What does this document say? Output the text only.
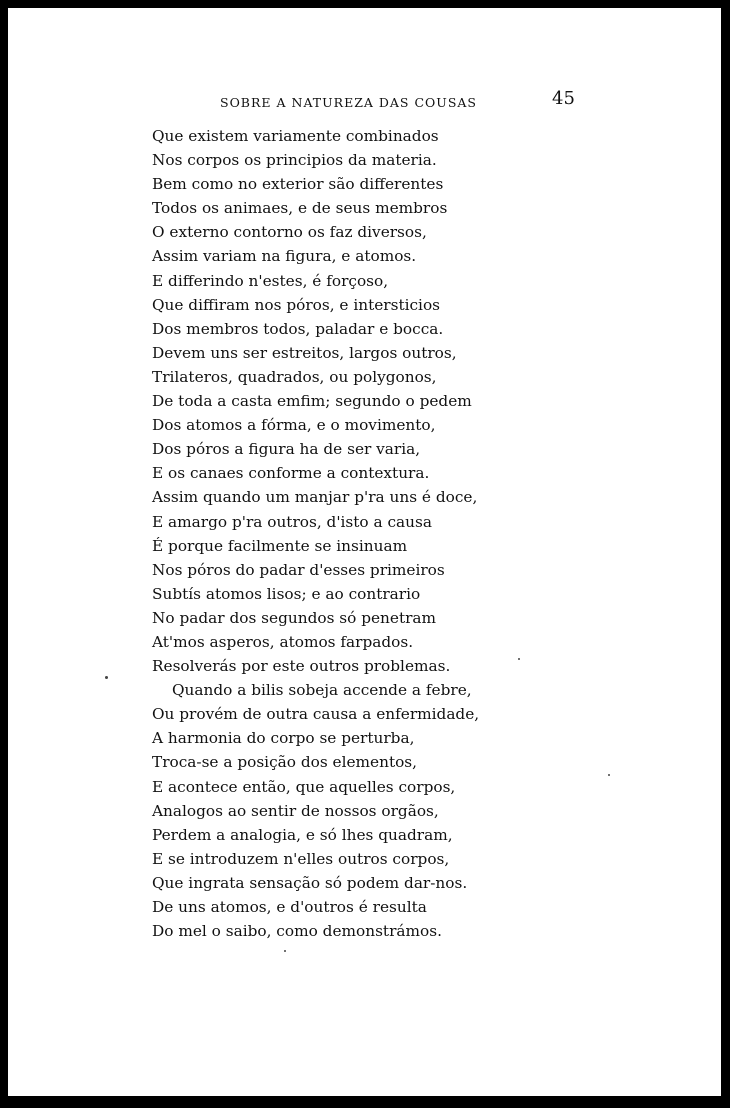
SOBRE A NATUREZA DAS COUSAS	45
Que existem variamente combinados
Nos corpos os principios da materia.
Bem como no exterior são differentes
Todos os animaes, e de seus membros
O externo contorno os faz diversos,
Assim variam na figura, e atomos.
E differindo n'estes, é forçoso,
Que diffiram nos póros, e intersticios
Dos membros todos, paladar e bocca.
Devem uns ser estreitos, largos outros,
Trilateros, quadrados, ou polygonos,
De toda a casta emfim; segundo o pedem
Dos atomos a fórma, e o movimento,
Dos póros a figura ha de ser varia,
E os canaes conforme a contextura.
Assim quando um manjar p'ra uns é doce,
E amargo p'ra outros, d'isto a causa
É porque facilmente se insinuam
Nos póros do padar d'esses primeiros
Subtís atomos lisos; e ao contrario
No padar dos segundos só penetram
At'mos asperos, atomos farpados.
Resolverás por este outros problemas.
Quando a bilis sobeja accende a febre,
Ou provém de outra causa a enfermidade,
A harmonia do corpo se perturba,
Troca-se a posição dos elementos,
E acontece então, que aquelles corpos,
Analogos ao sentir de nossos orgãos,
Perdem a analogia, e só lhes quadram,
E se introduzem n'elles outros corpos,
Que ingrata sensação só podem dar-nos.
De uns atomos, e d'outros é resulta
Do mel o saibo, como demonstrámos.
